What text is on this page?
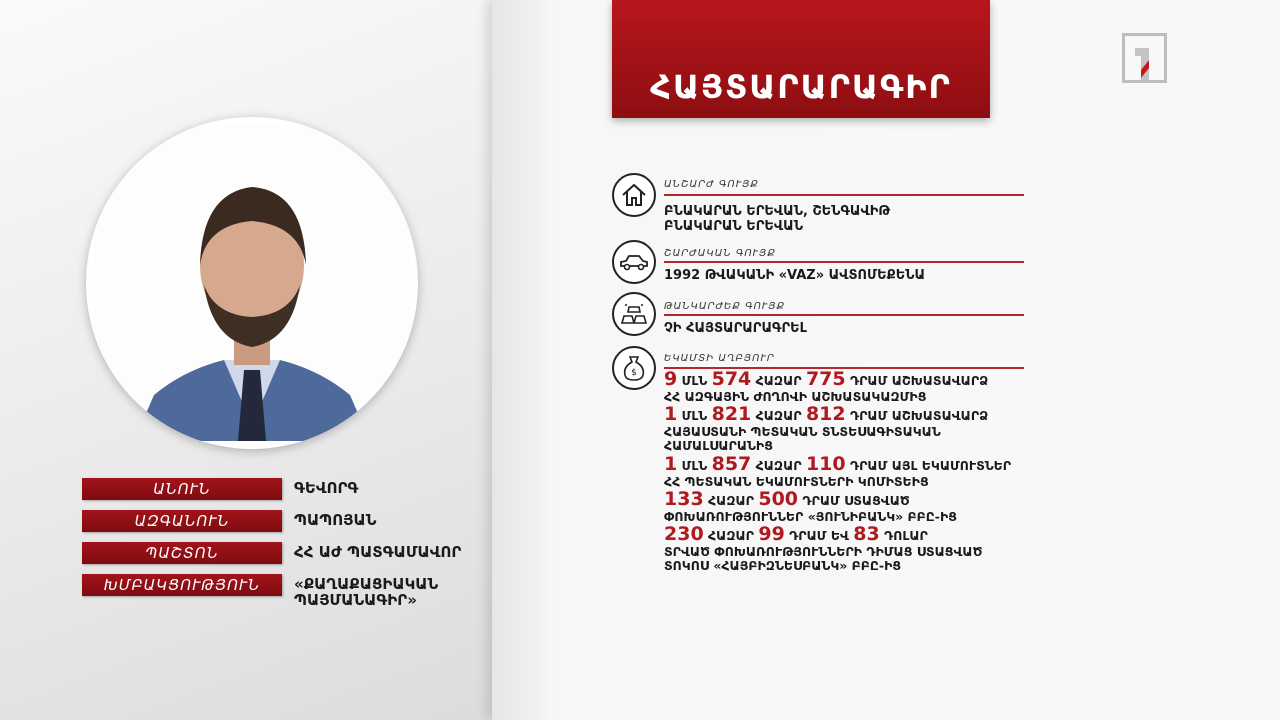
ԱՆՈՒՆ	ԳԵՎՈՐԳ
ԱԶԳԱՆՈՒՆ	ՊԱՊՈՅԱՆ
ՊԱՇՏՈՆ	ՀՀ ԱԺ ՊԱՏԳԱՄԱՎՈՐ
ԽՄԲԱԿՑՈՒԹՅՈՒՆ	«ՔԱՂԱՔԱՑԻԱԿԱՆ
ՊԱՅՄԱՆԱԳԻՐ»
ՀԱՅՏԱՐԱՐԱԳԻՐ
ԱՆՇԱՐԺ ԳՈՒՅՔ
ԲՆԱԿԱՐԱՆ ԵՐԵՎԱՆ, ՇԵՆԳԱՎԻԹ
ԲՆԱԿԱՐԱՆ ԵՐԵՎԱՆ
ՇԱՐԺԱԿԱՆ ԳՈՒՅՔ
1992 ԹՎԱԿԱՆԻ «VAZ» ԱՎՏՈՄԵՔԵՆԱ
ԹԱՆԿԱՐԺԵՔ ԳՈՒՅՔ
ՉԻ ՀԱՅՏԱՐԱՐԱԳՐԵԼ
$
ԵԿԱՄՏԻ ԱՂԲՅՈՒՐ
9 ՄԼՆ 574 ՀԱԶԱՐ 775 ԴՐԱՄ ԱՇԽԱՏԱՎԱՐՁ
ՀՀ ԱԶԳԱՅԻՆ ԺՈՂՈՎԻ ԱՇԽԱՏԱԿԱԶՄԻՑ
1 ՄԼՆ 821 ՀԱԶԱՐ 812 ԴՐԱՄ ԱՇԽԱՏԱՎԱՐՁ
ՀԱՅԱՍՏԱՆԻ ՊԵՏԱԿԱՆ ՏՆՏԵՍԱԳԻՏԱԿԱՆ
ՀԱՄԱԼՍԱՐԱՆԻՑ
1 ՄԼՆ 857 ՀԱԶԱՐ 110 ԴՐԱՄ ԱՅԼ ԵԿԱՄՈՒՏՆԵՐ
ՀՀ ՊԵՏԱԿԱՆ ԵԿԱՄՈՒՏՆԵՐԻ ԿՈՄԻՏԵԻՑ
133 ՀԱԶԱՐ 500 ԴՐԱՄ ՍՏԱՑՎԱԾ
ՓՈԽԱՌՈՒԹՅՈՒՆՆԵՐ «ՅՈՒՆԻԲԱՆԿ» ԲԲԸ-ԻՑ
230 ՀԱԶԱՐ 99 ԴՐԱՄ ԵՎ 83 ԴՈԼԱՐ
ՏՐՎԱԾ ՓՈԽԱՌՈՒԹՅՈՒՆՆԵՐԻ ԴԻՄԱՑ ՍՏԱՑՎԱԾ
ՏՈԿՈՍ «ՀԱՅԲԻԶՆԵՍԲԱՆԿ» ԲԲԸ-ԻՑ
